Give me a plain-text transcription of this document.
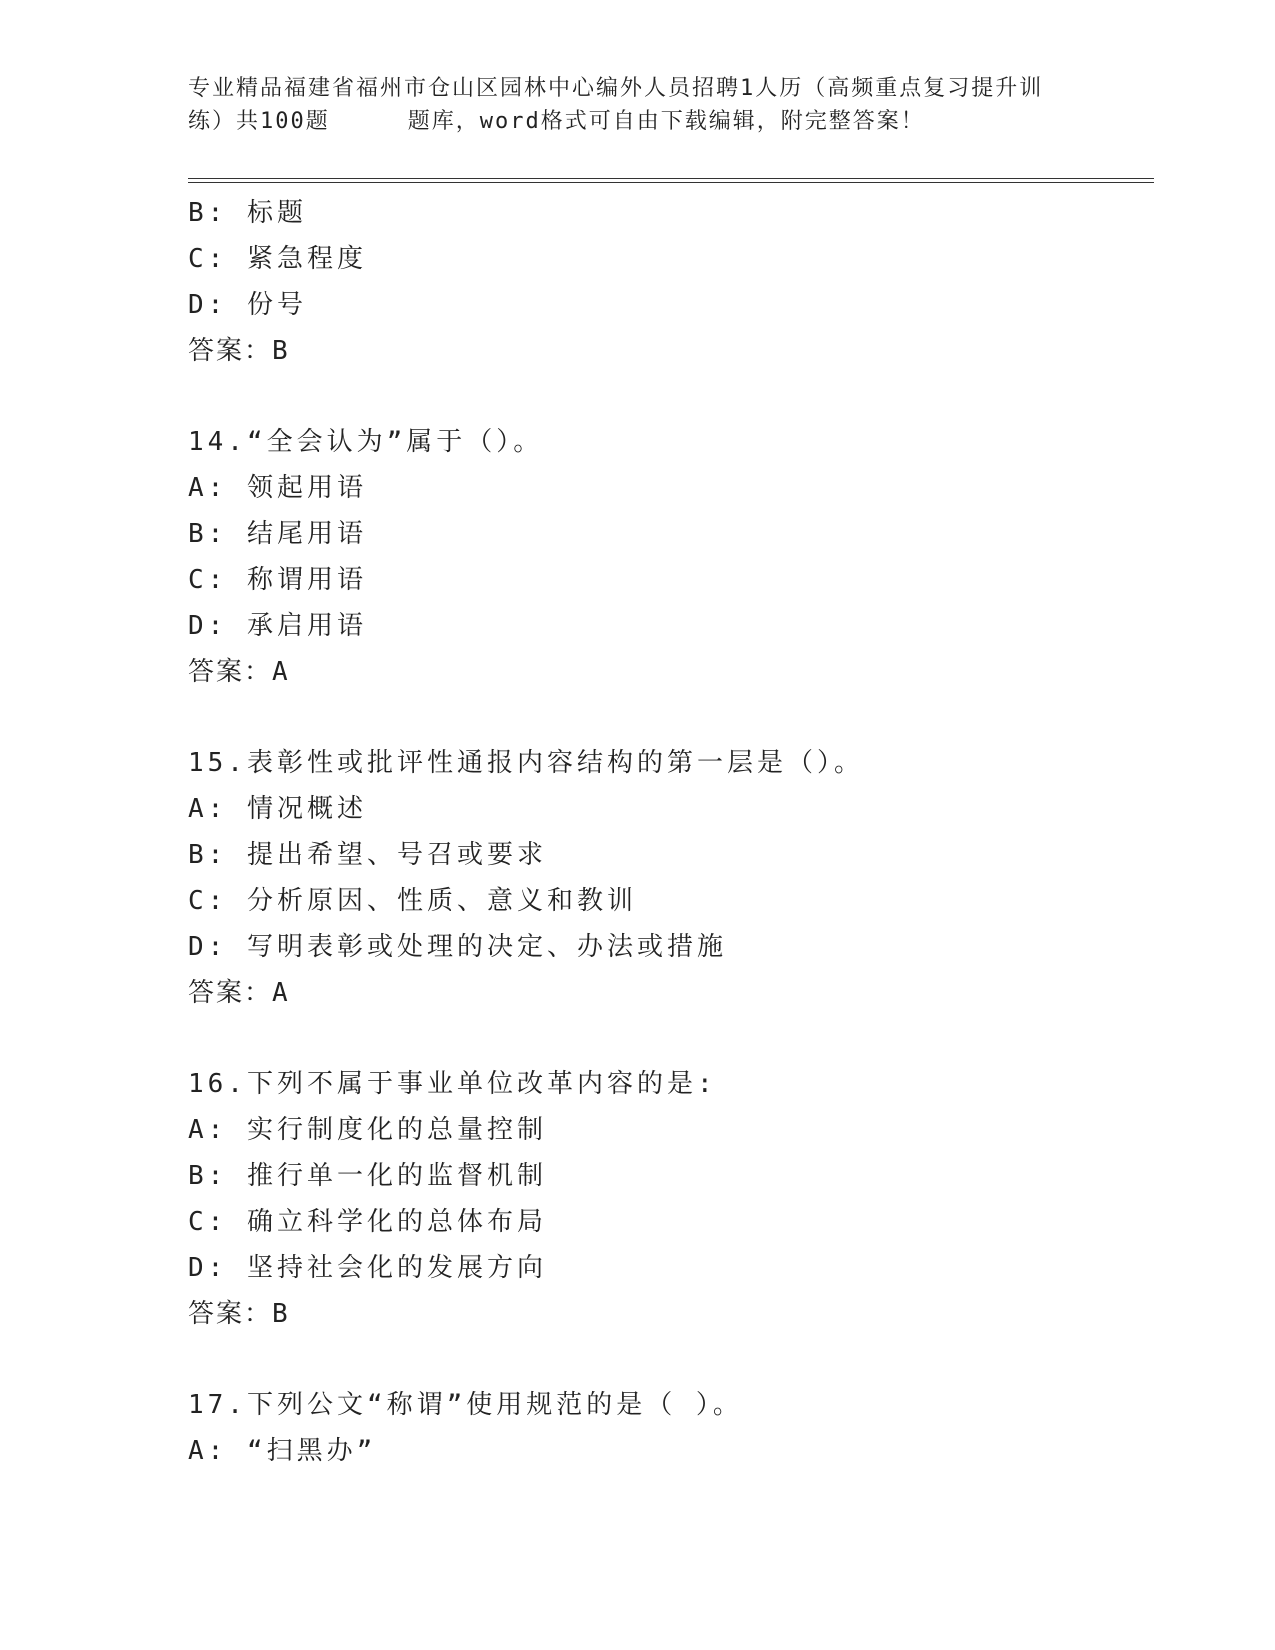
专业精品福建省福州市仓山区园林中心编外人员招聘1人历（高频重点复习提升训

练）共100题	题库，word格式可自由下载编辑，附完整答案！
B: 标题
C: 紧急程度
D: 份号
答案：B
14.“全会认为”属于（）。
A: 领起用语
B: 结尾用语
C: 称谓用语
D: 承启用语
答案：A
15.表彰性或批评性通报内容结构的第一层是（）。
A: 情况概述
B: 提出希望、号召或要求
C: 分析原因、性质、意义和教训
D: 写明表彰或处理的决定、办法或措施
答案：A
16.下列不属于事业单位改革内容的是:
A: 实行制度化的总量控制
B: 推行单一化的监督机制
C: 确立科学化的总体布局
D: 坚持社会化的发展方向
答案：B
17.下列公文“称谓”使用规范的是（ ）。
A: “扫黑办”
